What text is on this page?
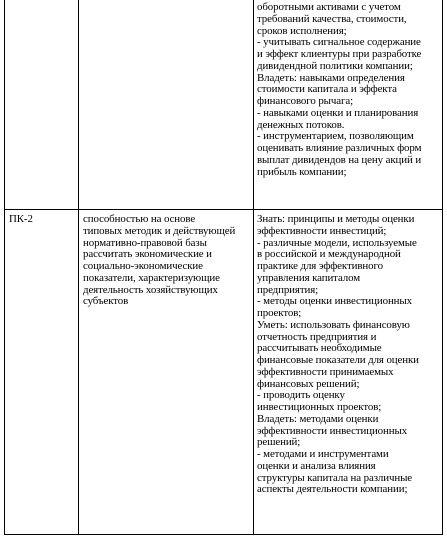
оборотными активами с учетом
требований качества, стоимости,
сроков исполнения;
- учитывать сигнальное содержание
и эффект клиентуры при разработке
дивидендной политики компании;
Владеть: навыками определения
стоимости капитала и эффекта
финансового рычага;
- навыками оценки и планирования
денежных потоков.
- инструментарием, позволяющим
оценивать влияние различных форм
выплат дивидендов на цену акций и
прибыль компании;
ПК-2	способностью на основе
типовых методик и действующей
нормативно-правовой базы
рассчитать экономические и
социально-экономические
показатели, характеризующие
деятельность хозяйствующих
субъектов
Знать: принципы и методы оценки
эффективности инвестиций;
- различные модели, используемые
в российской и международной
практике для эффективного
управления капиталом
предприятия;
- методы оценки инвестиционных
проектов;
Уметь: использовать финансовую
отчетность предприятия и
рассчитывать необходимые
финансовые показатели для оценки
эффективности принимаемых
финансовых решений;
- проводить оценку
инвестиционных проектов;
Владеть: методами оценки
эффективности инвестиционных
решений;
- методами и инструментами
оценки и анализа влияния
структуры капитала на различные
аспекты деятельности компании;
